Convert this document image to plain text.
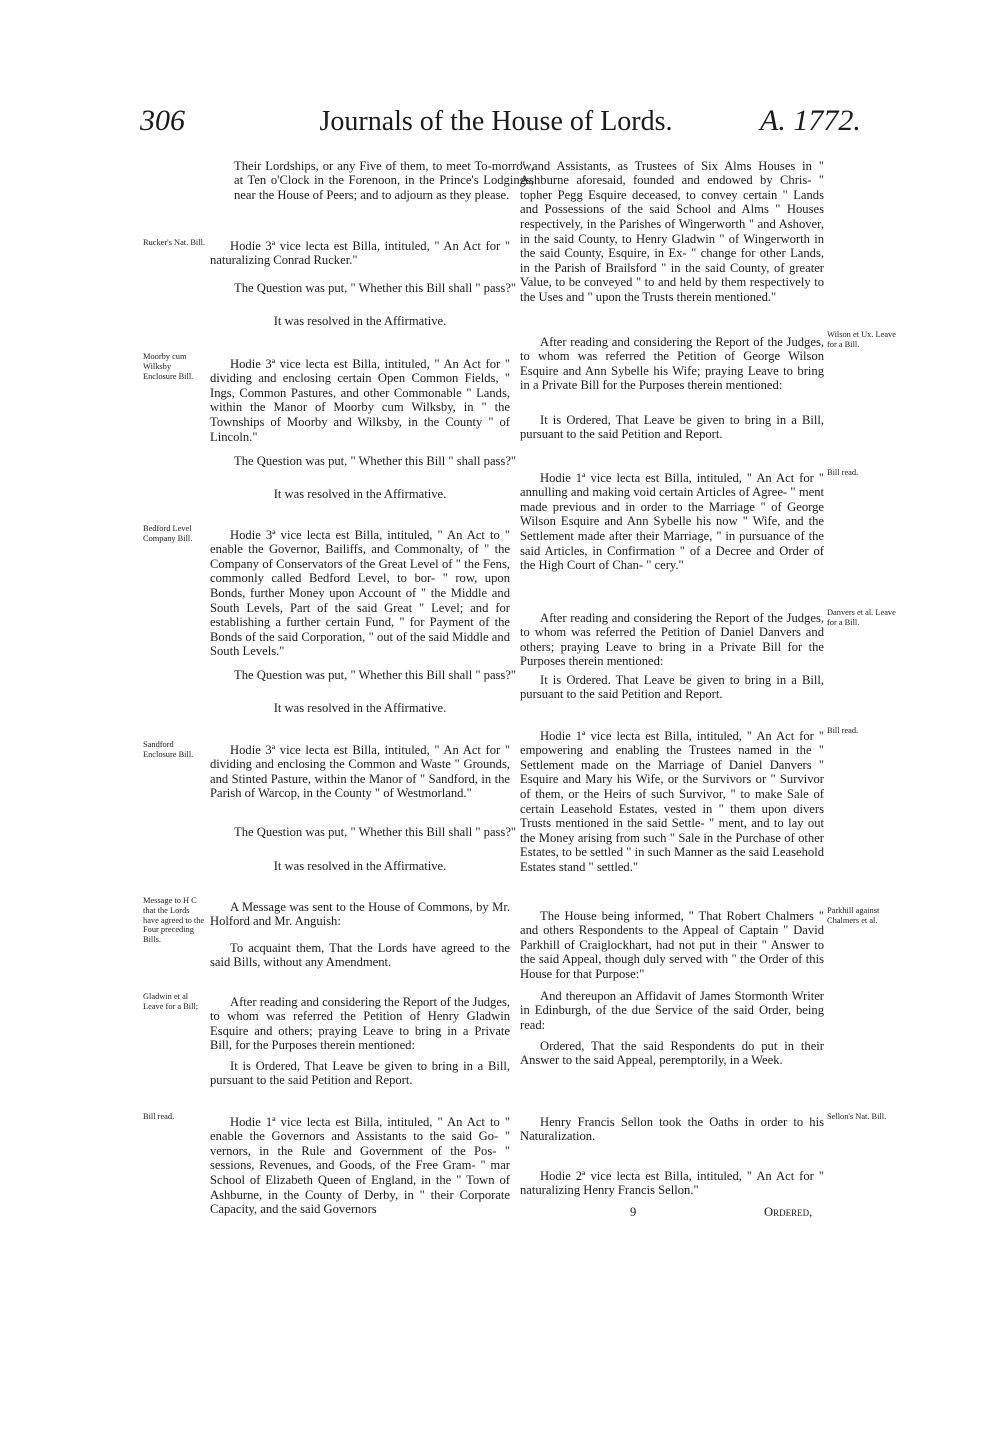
306	Journals of the House of Lords.	A. 1772.

Rucker's Nat. Bill.

Moorby cum Wilksby Enclosure Bill.

Bedford Level Company Bill.

Sandford Enclosure Bill.

Message to H C that the Lords have agreed to the Four preceding Bills.

Gladwin et al Leave for a Bill;

Bill read.

Their Lordships, or any Five of them, to meet To-morrow, at Ten o'Clock in the Forenoon, in the Prince's Lodgings, near the House of Peers; and to adjourn as they please.

Hodie 3ª vice lecta est Billa, intituled, " An Act for " naturalizing Conrad Rucker."

The Question was put, " Whether this Bill shall " pass?"

It was resolved in the Affirmative.

Hodie 3ª vice lecta est Billa, intituled, " An Act for " dividing and enclosing certain Open Common Fields, " Ings, Common Pastures, and other Commonable " Lands, within the Manor of Moorby cum Wilksby, in " the Townships of Moorby and Wilksby, in the County " of Lincoln."

The Question was put, " Whether this Bill " shall pass?"

It was resolved in the Affirmative.

Hodie 3ª vice lecta est Billa, intituled, " An Act to " enable the Governor, Bailiffs, and Commonalty, of " the Company of Conservators of the Great Level of " the Fens, commonly called Bedford Level, to bor- " row, upon Bonds, further Money upon Account of " the Middle and South Levels, Part of the said Great " Level; and for establishing a further certain Fund, " for Payment of the Bonds of the said Corporation, " out of the said Middle and South Levels."

The Question was put, " Whether this Bill shall " pass?"

It was resolved in the Affirmative.

Hodie 3ª vice lecta est Billa, intituled, " An Act for " dividing and enclosing the Common and Waste " Grounds, and Stinted Pasture, within the Manor of " Sandford, in the Parish of Warcop, in the County " of Westmorland."

The Question was put, " Whether this Bill shall " pass?"

It was resolved in the Affirmative.

A Message was sent to the House of Commons, by Mr. Holford and Mr. Anguish:

To acquaint them, That the Lords have agreed to the said Bills, without any Amendment.

After reading and considering the Report of the Judges, to whom was referred the Petition of Henry Gladwin Esquire and others; praying Leave to bring in a Private Bill, for the Purposes therein mentioned:

It is Ordered, That Leave be given to bring in a Bill, pursuant to the said Petition and Report.

Hodie 1ª vice lecta est Billa, intituled, " An Act to " enable the Governors and Assistants to the said Go- " vernors, in the Rule and Government of the Pos- " sessions, Revenues, and Goods, of the Free Gram- " mar School of Elizabeth Queen of England, in the " Town of Ashburne, in the County of Derby, in " their Corporate Capacity, and the said Governors

" and Assistants, as Trustees of Six Alms Houses in " Ashburne aforesaid, founded and endowed by Chris- " topher Pegg Esquire deceased, to convey certain " Lands and Possessions of the said School and Alms " Houses respectively, in the Parishes of Wingerworth " and Ashover, in the said County, to Henry Gladwin " of Wingerworth in the said County, Esquire, in Ex- " change for other Lands, in the Parish of Brailsford " in the said County, of greater Value, to be conveyed " to and held by them respectively to the Uses and " upon the Trusts therein mentioned."

After reading and considering the Report of the Judges, to whom was referred the Petition of George Wilson Esquire and Ann Sybelle his Wife; praying Leave to bring in a Private Bill for the Purposes therein mentioned:

It is Ordered, That Leave be given to bring in a Bill, pursuant to the said Petition and Report.

Hodie 1ª vice lecta est Billa, intituled, " An Act for " annulling and making void certain Articles of Agree- " ment made previous and in order to the Marriage " of George Wilson Esquire and Ann Sybelle his now " Wife, and the Settlement made after their Marriage, " in pursuance of the said Articles, in Confirmation " of a Decree and Order of the High Court of Chan- " cery."

After reading and considering the Report of the Judges, to whom was referred the Petition of Daniel Danvers and others; praying Leave to bring in a Private Bill for the Purposes therein mentioned:

It is Ordered. That Leave be given to bring in a Bill, pursuant to the said Petition and Report.

Hodie 1ª vice lecta est Billa, intituled, " An Act for " empowering and enabling the Trustees named in the " Settlement made on the Marriage of Daniel Danvers " Esquire and Mary his Wife, or the Survivors or " Survivor of them, or the Heirs of such Survivor, " to make Sale of certain Leasehold Estates, vested in " them upon divers Trusts mentioned in the said Settle- " ment, and to lay out the Money arising from such " Sale in the Purchase of other Estates, to be settled " in such Manner as the said Leasehold Estates stand " settled."

The House being informed, " That Robert Chalmers " and others Respondents to the Appeal of Captain " David Parkhill of Craiglockhart, had not put in their " Answer to the said Appeal, though duly served with " the Order of this House for that Purpose:"

And thereupon an Affidavit of James Stormonth Writer in Edinburgh, of the due Service of the said Order, being read:

Ordered, That the said Respondents do put in their Answer to the said Appeal, peremptorily, in a Week.

Henry Francis Sellon took the Oaths in order to his Naturalization.

Hodie 2ª vice lecta est Billa, intituled, " An Act for " naturalizing Henry Francis Sellon."

Wilson et Ux. Leave for a Bill.

Bill read.

Danvers et al. Leave for a Bill.

Bill read.

Parkhill against Chalmers et al.

Sellon's Nat. Bill.

9	Ordered,
